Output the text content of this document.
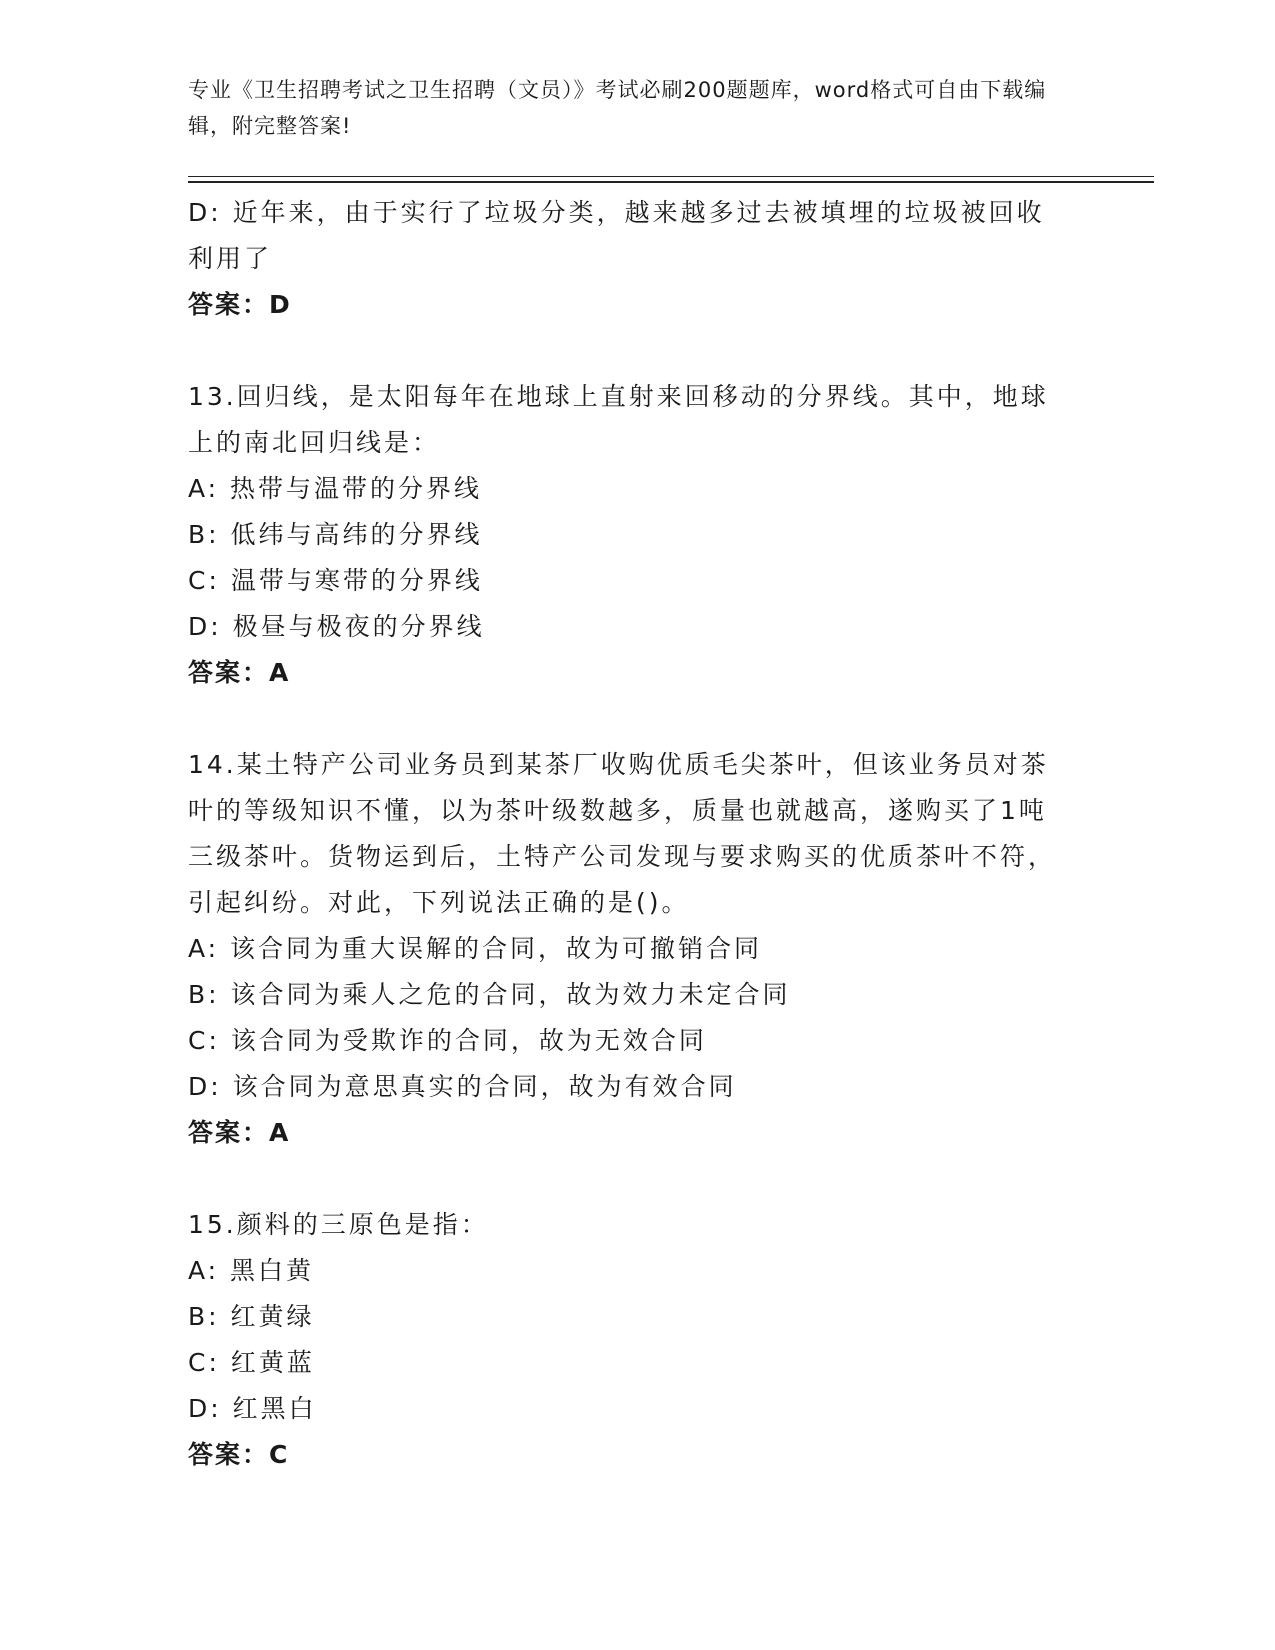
专业《卫生招聘考试之卫生招聘（文员）》考试必刷200题题库，word格式可自由下载编辑，附完整答案!
D: 近年来，由于实行了垃圾分类，越来越多过去被填埋的垃圾被回收利用了
答案：D
13.回归线，是太阳每年在地球上直射来回移动的分界线。其中，地球上的南北回归线是：
A: 热带与温带的分界线
B: 低纬与高纬的分界线
C: 温带与寒带的分界线
D: 极昼与极夜的分界线
答案：A
14.某土特产公司业务员到某茶厂收购优质毛尖茶叶，但该业务员对茶叶的等级知识不懂，以为茶叶级数越多，质量也就越高，遂购买了1吨三级茶叶。货物运到后，土特产公司发现与要求购买的优质茶叶不符，引起纠纷。对此，下列说法正确的是()。
A: 该合同为重大误解的合同，故为可撤销合同
B: 该合同为乘人之危的合同，故为效力未定合同
C: 该合同为受欺诈的合同，故为无效合同
D: 该合同为意思真实的合同，故为有效合同
答案：A
15.颜料的三原色是指：
A: 黑白黄
B: 红黄绿
C: 红黄蓝
D: 红黑白
答案：C
